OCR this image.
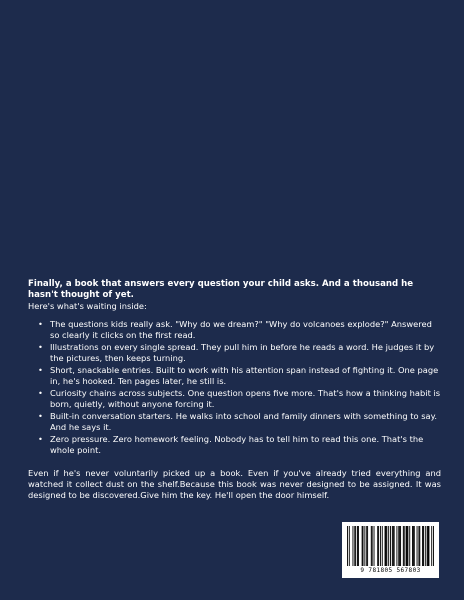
Finally, a book that answers every question your child asks. And a thousand he hasn't thought of yet.

Here's what's waiting inside:

• The questions kids really ask. "Why do we dream?" "Why do volcanoes explode?" Answered so clearly it clicks on the first read.
• Illustrations on every single spread. They pull him in before he reads a word. He judges it by the pictures, then keeps turning.
• Short, snackable entries. Built to work with his attention span instead of fighting it. One page in, he's hooked. Ten pages later, he still is.
• Curiosity chains across subjects. One question opens five more. That's how a thinking habit is born, quietly, without anyone forcing it.
• Built-in conversation starters. He walks into school and family dinners with something to say. And he says it.
• Zero pressure. Zero homework feeling. Nobody has to tell him to read this one. That's the whole point.

Even if he's never voluntarily picked up a book. Even if you've already tried everything and watched it collect dust on the shelf.Because this book was never designed to be assigned. It was designed to be discovered.Give him the key. He'll open the door himself.

9 781805 567803
